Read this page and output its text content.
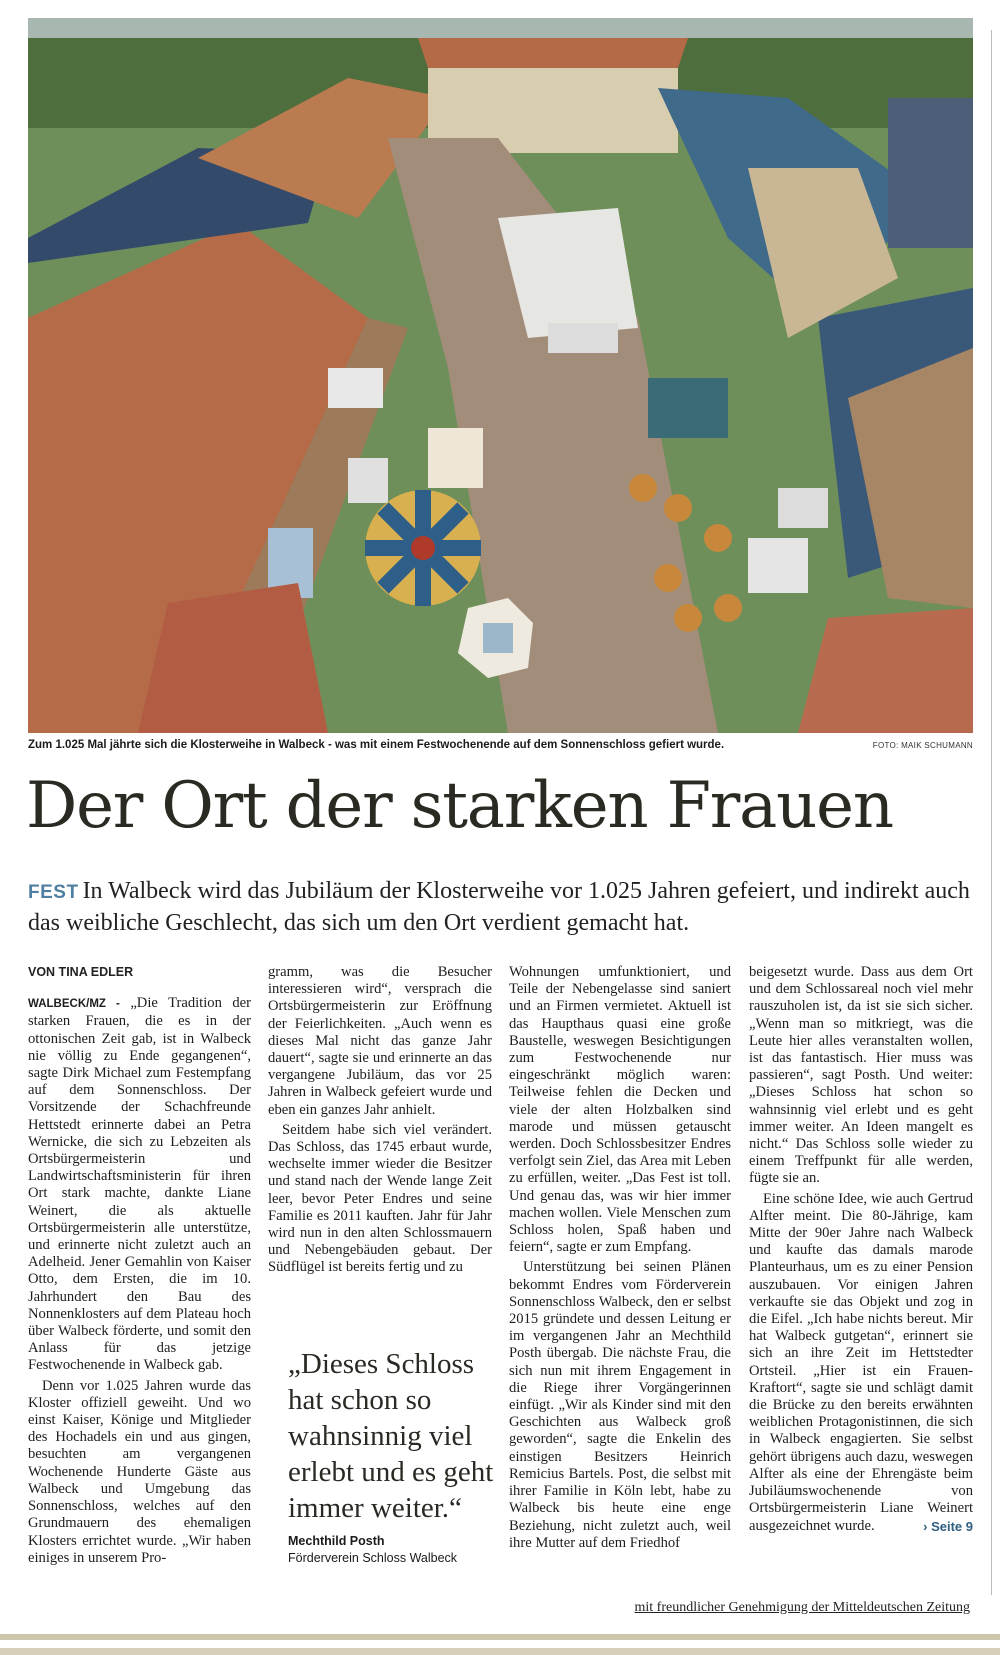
Zum 1.025 Mal jährte sich die Klosterweihe in Walbeck - was mit einem Festwochenende auf dem Sonnenschloss gefiert wurde.	FOTO: MAIK SCHUMANN
Der Ort der starken Frauen
FEST In Walbeck wird das Jubiläum der Klosterweihe vor 1.025 Jahren gefeiert, und indirekt auch das weibliche Geschlecht, das sich um den Ort verdient gemacht hat.
VON TINA EDLER

WALBECK/MZ - „Die Tradition der starken Frauen, die es in der ottonischen Zeit gab, ist in Walbeck nie völlig zu Ende gegangenen“, sagte Dirk Michael zum Festempfang auf dem Sonnenschloss. Der Vorsitzende der Schachfreunde Hettstedt erinnerte dabei an Petra Wernicke, die sich zu Lebzeiten als Ortsbürgermeisterin und Landwirtschaftsministerin für ihren Ort stark machte, dankte Liane Weinert, die als aktuelle Ortsbürgermeisterin alle unterstütze, und erinnerte nicht zuletzt auch an Adelheid. Jener Gemahlin von Kaiser Otto, dem Ersten, die im 10. Jahrhundert den Bau des Nonnenklosters auf dem Plateau hoch über Walbeck förderte, und somit den Anlass für das jetzige Festwochenende in Walbeck gab.

Denn vor 1.025 Jahren wurde das Kloster offiziell geweiht. Und wo einst Kaiser, Könige und Mitglieder des Hochadels ein und aus gingen, besuchten am vergangenen Wochenende Hunderte Gäste aus Walbeck und Umgebung das Sonnenschloss, welches auf den Grundmauern des ehemaligen Klosters errichtet wurde. „Wir haben einiges in unserem Pro-

gramm, was die Besucher interessieren wird“, versprach die Ortsbürgermeisterin zur Eröffnung der Feierlichkeiten. „Auch wenn es dieses Mal nicht das ganze Jahr dauert“, sagte sie und erinnerte an das vergangene Jubiläum, das vor 25 Jahren in Walbeck gefeiert wurde und eben ein ganzes Jahr anhielt.

Seitdem habe sich viel verändert. Das Schloss, das 1745 erbaut wurde, wechselte immer wieder die Besitzer und stand nach der Wende lange Zeit leer, bevor Peter Endres und seine Familie es 2011 kauften. Jahr für Jahr wird nun in den alten Schlossmauern und Nebengebäuden gebaut. Der Südflügel ist bereits fertig und zu

„Dieses Schloss hat schon so wahnsinnig viel erlebt und es geht immer weiter.“
Mechthild Posth
Förderverein Schloss Walbeck

Wohnungen umfunktioniert, und Teile der Nebengelasse sind saniert und an Firmen vermietet. Aktuell ist das Haupthaus quasi eine große Baustelle, weswegen Besichtigungen zum Festwochenende nur eingeschränkt möglich waren: Teilweise fehlen die Decken und viele der alten Holzbalken sind marode und müssen getauscht werden. Doch Schlossbesitzer Endres verfolgt sein Ziel, das Area mit Leben zu erfüllen, weiter. „Das Fest ist toll. Und genau das, was wir hier immer machen wollen. Viele Menschen zum Schloss holen, Spaß haben und feiern“, sagte er zum Empfang.

Unterstützung bei seinen Plänen bekommt Endres vom Förderverein Sonnenschloss Walbeck, den er selbst 2015 gründete und dessen Leitung er im vergangenen Jahr an Mechthild Posth übergab. Die nächste Frau, die sich nun mit ihrem Engagement in die Riege ihrer Vorgängerinnen einfügt. „Wir als Kinder sind mit den Geschichten aus Walbeck groß geworden“, sagte die Enkelin des einstigen Besitzers Heinrich Remicius Bartels. Post, die selbst mit ihrer Familie in Köln lebt, habe zu Walbeck bis heute eine enge Beziehung, nicht zuletzt auch, weil ihre Mutter auf dem Friedhof

beigesetzt wurde. Dass aus dem Ort und dem Schlossareal noch viel mehr rauszuholen ist, da ist sie sich sicher. „Wenn man so mitkriegt, was die Leute hier alles veranstalten wollen, ist das fantastisch. Hier muss was passieren“, sagt Posth. Und weiter: „Dieses Schloss hat schon so wahnsinnig viel erlebt und es geht immer weiter. An Ideen mangelt es nicht.“ Das Schloss solle wieder zu einem Treffpunkt für alle werden, fügte sie an.

Eine schöne Idee, wie auch Gertrud Alfter meint. Die 80-Jährige, kam Mitte der 90er Jahre nach Walbeck und kaufte das damals marode Planteurhaus, um es zu einer Pension auszubauen. Vor einigen Jahren verkaufte sie das Objekt und zog in die Eifel. „Ich habe nichts bereut. Mir hat Walbeck gutgetan“, erinnert sie sich an ihre Zeit im Hettstedter Ortsteil. „Hier ist ein Frauen-Kraftort“, sagte sie und schlägt damit die Brücke zu den bereits erwähnten weiblichen Protagonistinnen, die sich in Walbeck engagierten. Sie selbst gehört übrigens auch dazu, weswegen Alfter als eine der Ehrengäste beim Jubiläumswochenende von Ortsbürgermeisterin Liane Weinert ausgezeichnet wurde.	› Seite 9

mit freundlicher Genehmigung der Mitteldeutschen Zeitung
